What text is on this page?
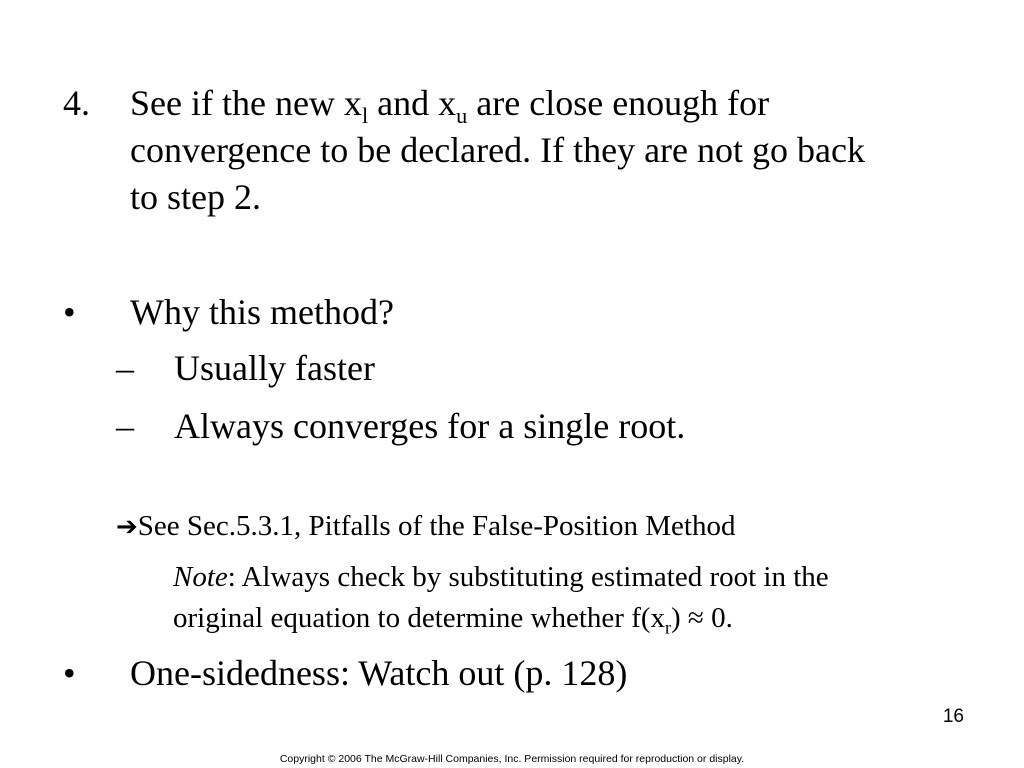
4. See if the new $x_l$ and $x_u$ are close enough for
convergence to be declared. If they are not go back
to step 2.
• Why this method?
– Usually faster
– Always converges for a single root.
➔See Sec.5.3.1, Pitfalls of the False-Position Method
Note: Always check by substituting estimated root in the
original equation to determine whether $f(x_r) \approx 0$.
• One-sidedness: Watch out (p. 128)
16
Copyright © 2006 The McGraw-Hill Companies, Inc. Permission required for reproduction or display.
